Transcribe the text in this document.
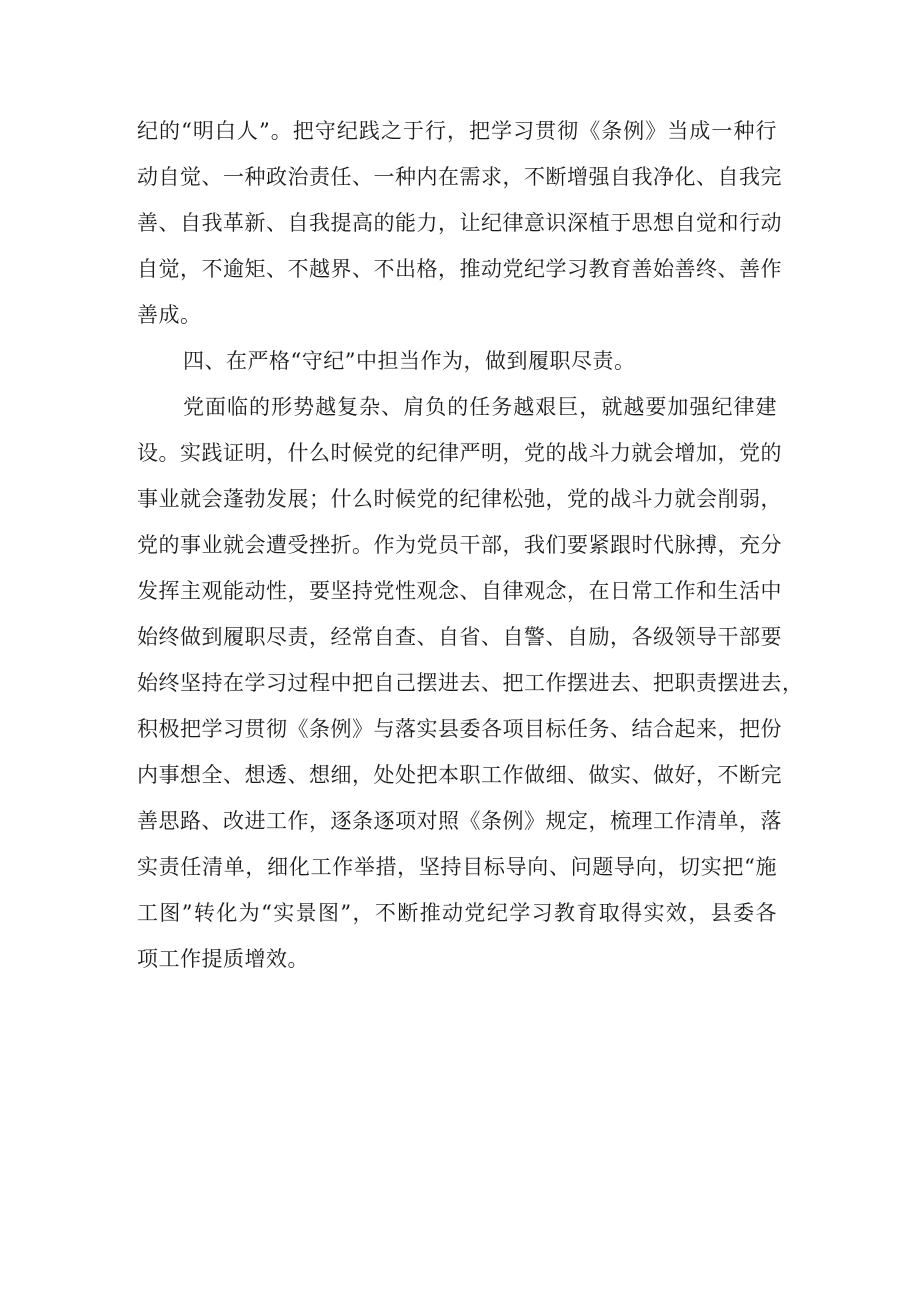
纪的“明白人”。把守纪践之于行，把学习贯彻《条例》当成一种行
动自觉、一种政治责任、一种内在需求，不断增强自我净化、自我完
善、自我革新、自我提高的能力，让纪律意识深植于思想自觉和行动
自觉，不逾矩、不越界、不出格，推动党纪学习教育善始善终、善作
善成。
四、在严格“守纪”中担当作为，做到履职尽责。
党面临的形势越复杂、肩负的任务越艰巨，就越要加强纪律建
设。实践证明，什么时候党的纪律严明，党的战斗力就会增加，党的
事业就会蓬勃发展；什么时候党的纪律松弛，党的战斗力就会削弱，
党的事业就会遭受挫折。作为党员干部，我们要紧跟时代脉搏，充分
发挥主观能动性，要坚持党性观念、自律观念，在日常工作和生活中
始终做到履职尽责，经常自查、自省、自警、自励，各级领导干部要
始终坚持在学习过程中把自己摆进去、把工作摆进去、把职责摆进去，
积极把学习贯彻《条例》与落实县委各项目标任务、结合起来，把份
内事想全、想透、想细，处处把本职工作做细、做实、做好，不断完
善思路、改进工作，逐条逐项对照《条例》规定，梳理工作清单，落
实责任清单，细化工作举措，坚持目标导向、问题导向，切实把“施
工图”转化为“实景图”，不断推动党纪学习教育取得实效，县委各
项工作提质增效。
